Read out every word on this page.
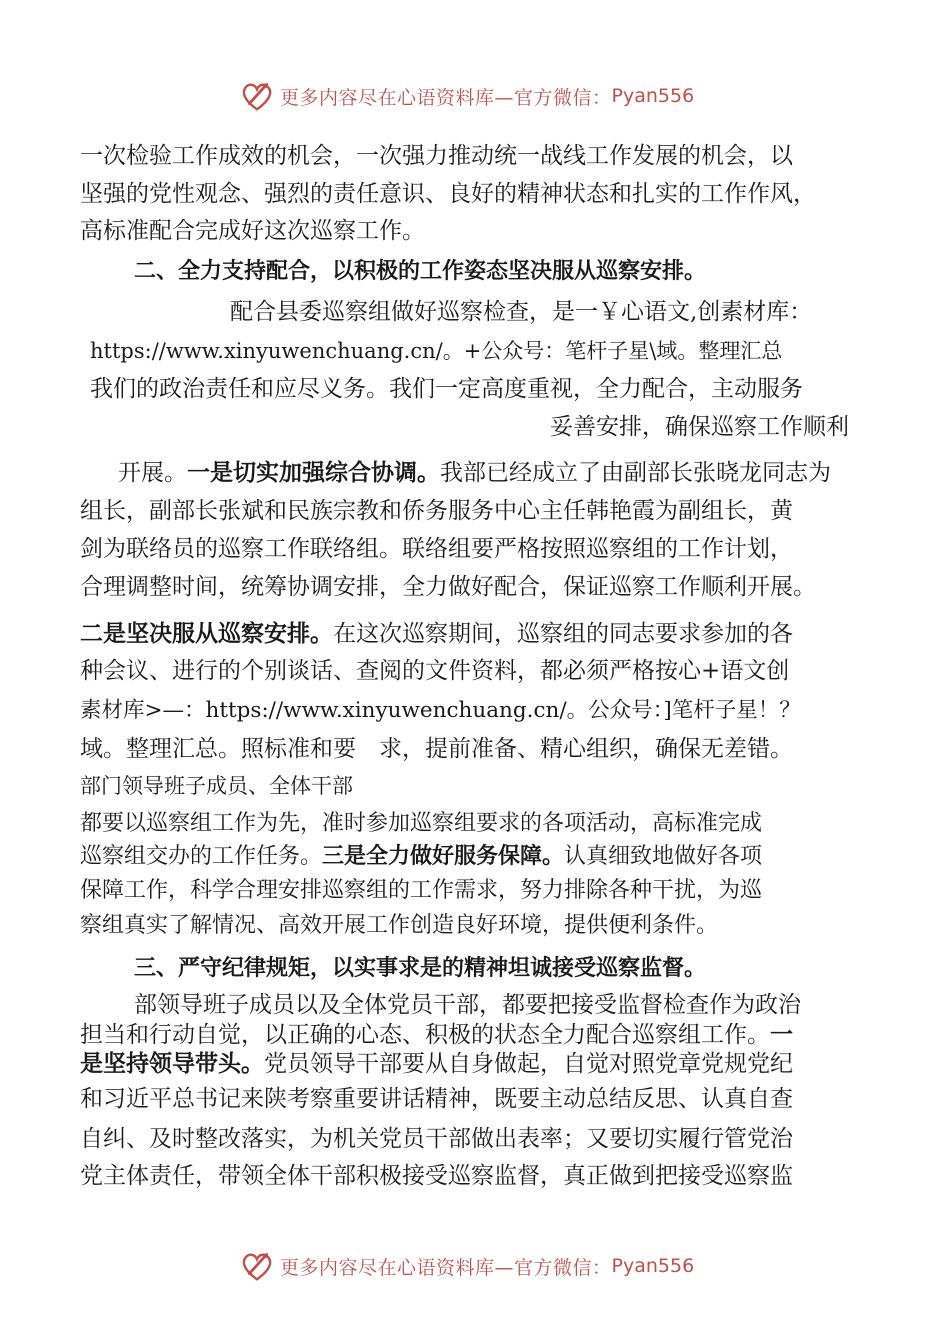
更多内容尽在心语资料库—官方微信： Pyan556
一次检验工作成效的机会，一次强力推动统一战线工作发展的机会，以
坚强的党性观念、强烈的责任意识、良好的精神状态和扎实的工作作风，
高标准配合完成好这次巡察工作。
二、全力支持配合，以积极的工作姿态坚决服从巡察安排。
配合县委巡察组做好巡察检查，是一￥心语文,创素材库：
https://www.xinyuwenchuang.cn/。+公众号：笔杆子星\域。整理汇总
我们的政治责任和应尽义务。我们一定高度重视，全力配合，主动服务
妥善安排，确保巡察工作顺利
开展。一是切实加强综合协调。我部已经成立了由副部长张晓龙同志为
组长，副部长张斌和民族宗教和侨务服务中心主任韩艳霞为副组长，黄
剑为联络员的巡察工作联络组。联络组要严格按照巡察组的工作计划，
合理调整时间，统筹协调安排，全力做好配合，保证巡察工作顺利开展。
二是坚决服从巡察安排。在这次巡察期间，巡察组的同志要求参加的各
种会议、进行的个别谈话、查阅的文件资料，都必须严格按心+语文创
素材库>—：https://www.xinyuwenchuang.cn/。公众号：]笔杆子星！？
域。整理汇总。照标准和要　求，提前准备、精心组织，确保无差错。
部门领导班子成员、全体干部
都要以巡察组工作为先，准时参加巡察组要求的各项活动，高标准完成
巡察组交办的工作任务。三是全力做好服务保障。认真细致地做好各项
保障工作，科学合理安排巡察组的工作需求，努力排除各种干扰，为巡
察组真实了解情况、高效开展工作创造良好环境，提供便利条件。
三、严守纪律规矩，以实事求是的精神坦诚接受巡察监督。
部领导班子成员以及全体党员干部，都要把接受监督检查作为政治
担当和行动自觉，以正确的心态、积极的状态全力配合巡察组工作。一
是坚持领导带头。党员领导干部要从自身做起，自觉对照党章党规党纪
和习近平总书记来陕考察重要讲话精神，既要主动总结反思、认真自查
自纠、及时整改落实，为机关党员干部做出表率；又要切实履行管党治
党主体责任，带领全体干部积极接受巡察监督，真正做到把接受巡察监
更多内容尽在心语资料库—官方微信： Pyan556
